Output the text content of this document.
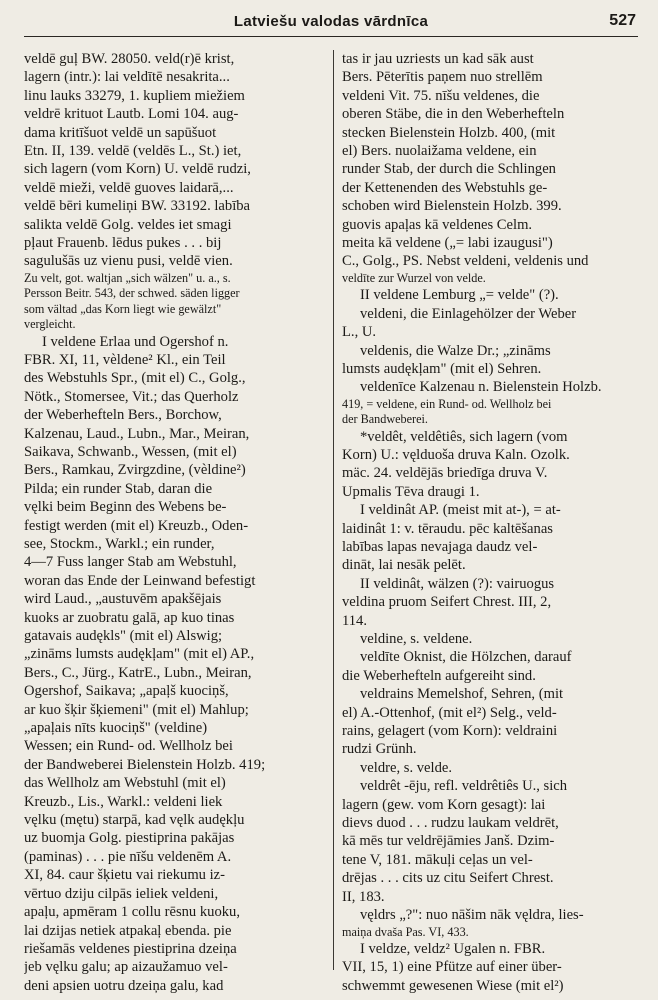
Latviešu valodas vārdnīca	527
veldē guļ BW. 28050. veld(r)ē krist,
lagern (intr.): lai veldītē nesakrita...
linu lauks 33279, 1. kupliem miežiem
veldrē krituot Lautb. Lomi 104. aug-
dama kritīšuot veldē un sapūšuot
Etn. II, 139. veldē (veldēs L., St.) iet,
sich lagern (vom Korn) U. veldē rudzi,
veldē mieži, veldē guoves laidarā,...
veldē bēri kumeliņi BW. 33192. labība
salikta veldē Golg. veldes iet smagi
pļaut Frauenb. lēdus pukes . . . bij
sagulušās uz vienu pusi, veldē vien.
Zu velt, got. waltjan „sich wälzen" u. a., s.
Persson Beitr. 543, der schwed. säden ligger
som vältad „das Korn liegt wie gewälzt"
vergleicht.
I veldene Erlaa und Ogershof n.
FBR. XI, 11, vèldene² Kl., ein Teil
des Webstuhls Spr., (mit el) C., Golg.,
Nötk., Stomersee, Vit.; das Querholz
der Weberhefteln Bers., Borchow,
Kalzenau, Laud., Lubn., Mar., Meiran,
Saikava, Schwanb., Wessen, (mit el)
Bers., Ramkau, Zvirgzdine, (vèldine²)
Pilda; ein runder Stab, daran die
vęlki beim Beginn des Webens be-
festigt werden (mit el) Kreuzb., Oden-
see, Stockm., Warkl.; ein runder,
4—7 Fuss langer Stab am Webstuhl,
woran das Ende der Leinwand befestigt
wird Laud., „austuvēm apakšējais
kuoks ar zuobratu galā, ap kuo tinas
gatavais audękls" (mit el) Alswig;
„zināms lumsts audękļam" (mit el) AP.,
Bers., C., Jürg., KatrE., Lubn., Meiran,
Ogershof, Saikava; „apaļš kuociņš,
ar kuo šķir šķiemeni" (mit el) Mahlup;
„apaļais nīts kuociņš" (veldine)
Wessen; ein Rund- od. Wellholz bei
der Bandweberei Bielenstein Holzb. 419;
das Wellholz am Webstuhl (mit el)
Kreuzb., Lis., Warkl.: veldeni liek
vęlku (mętu) starpā, kad vęlk audękļu
uz buomja Golg. piestiprina pakājas
(paminas) . . . pie nīšu veldenēm A.
XI, 84. caur šķietu vai riekumu iz-
vērtuo dziju cilpās ieliek veldeni,
apaļu, apmēram 1 collu rēsnu kuoku,
lai dzijas netiek atpakaļ ebenda. pie
riešamās veldenes piestiprina dzeiņa
jeb vęlku galu; ap aizaužamuo vel-
deni apsien uotru dzeiņa galu, kad
tas ir jau uzriests un kad sāk aust
Bers. Pēterītis paņem nuo strellēm
veldeni Vit. 75. nīšu veldenes, die
oberen Stäbe, die in den Weberhefteln
stecken Bielenstein Holzb. 400, (mit
el) Bers. nuolaižama veldene, ein
runder Stab, der durch die Schlingen
der Kettenenden des Webstuhls ge-
schoben wird Bielenstein Holzb. 399.
guovis apaļas kā veldenes Celm.
meita kā veldene („= labi izaugusi")
C., Golg., PS. Nebst veldeni, veldenis und
veldīte zur Wurzel von velde.
II veldene Lemburg „= velde" (?).
veldeni, die Einlagehölzer der Weber
L., U.
veldenis, die Walze Dr.; „zināms
lumsts audękļam" (mit el) Sehren.
veldenīce Kalzenau n. Bielenstein Holzb.
419, = veldene, ein Rund- od. Wellholz bei
der Bandweberei.
*veldêt, veldêtiês, sich lagern (vom
Korn) U.: vęlduoša druva Kaln. Ozolk.
mäc. 24. veldējās briedīga druva V.
Upmalis Tēva draugi 1.
I veldinât AP. (meist mit at-), = at-
laidinât 1: v. tēraudu. pēc kaltēšanas
labības lapas nevajaga daudz vel-
dināt, lai nesāk pelēt.
II veldinât, wälzen (?): vairuogus
veldina pruom Seifert Chrest. III, 2,
114.
veldine, s. veldene.
veldīte Oknist, die Hölzchen, darauf
die Weberhefteln aufgereiht sind.
veldrains Memelshof, Sehren, (mit
el) A.-Ottenhof, (mit el²) Selg., veld-
rains, gelagert (vom Korn): veldraini
rudzi Grünh.
veldre, s. velde.
veldrêt -ēju, refl. veldrêtiês U., sich
lagern (gew. vom Korn gesagt): lai
dievs duod . . . rudzu laukam veldrēt,
kā mēs tur veldrējāmies Janš. Dzim-
tene V, 181. mākuļi ceļas un vel-
drējas . . . cits uz citu Seifert Chrest.
II, 183.
vęldrs „?": nuo nāšim nāk vęldra, lies-
maiņa dvaša Pas. VI, 433.
I veldze, veldz² Ugalen n. FBR.
VII, 15, 1) eine Pfütze auf einer über-
schwemmt gewesenen Wiese (mit el²)
